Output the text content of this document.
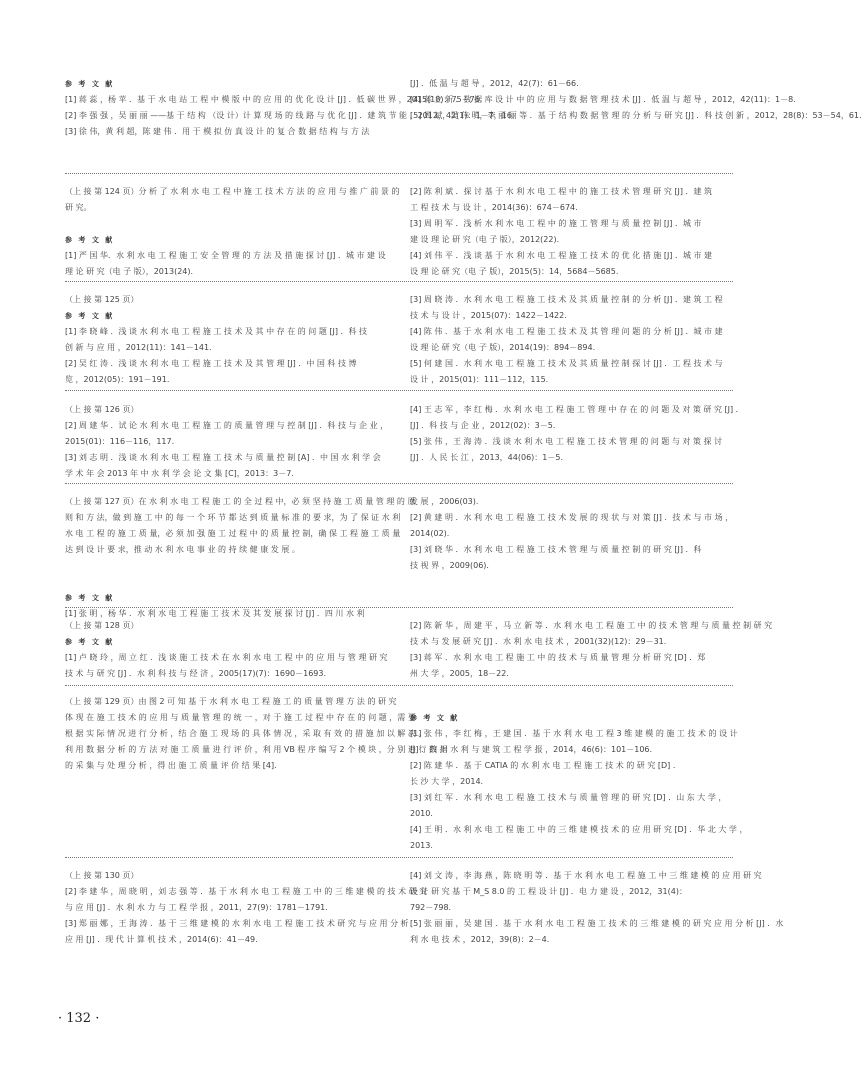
参 考 文 献
[1] 蒋 蕊 ，杨 苹 ．基 于 水 电 站 工 程 中 模 版 中 的 应 用 的 优 化 设 计 [J] ．低 碳 世 界 ，2015(18)：75－76.
[2] 李 强 强 ，吴 丽 丽 ——基 于 结 构 （设 计）计 算 现 场 的 线 路 与 优 化 [J] ．建 筑 节 能 ，2012，42(1)：1－7，16.
[3] 徐 伟，黄 利 超，陈 建 伟 ．用 于 模 拟 仿 真 设 计 的 复 合 数 据 结 构 与 方 法
[J] ．低 温 与 超 导 ，2012，42(7)：61－66.
[4] 蒋 立 新 ．数 据 库 设 计 中 的 应 用 与 数 据 管 理 技 术 [J] ．低 温 与 超 导 ，2012，42(11)：1－8.
[5] 周 斌，吴 伟 明，李 丽 丽 等 ．基 于 结 构 数 据 管 理 的 分 析 与 研 究 [J] ．科 技 创 新 ，2012，28(8)：53－54，61.
（上 接 第 124 页）分 析 了 水 利 水 电 工 程 中 施 工 技 术 方 法 的 应 用 与 推 广 前 景 的
研 究。

参 考 文 献
[1] 严 国 华．水 利 水 电 工 程 施 工 安 全 管 理 的 方 法 及 措 施 探 讨 [J] ．城 市 建 设
理 论 研 究（电 子 版），2013(24).
[2] 陈 利 斌 ．探 讨 基 于 水 利 水 电 工 程 中 的 施 工 技 术 管 理 研 究 [J] ．建 筑
工 程 技 术 与 设 计 ，2014(36)：674－674.
[3] 周 明 军 ．浅 析 水 利 水 电 工 程 中 的 施 工 管 理 与 质 量 控 制 [J] ．城 市
建 设 理 论 研 究（电 子 版），2012(22).
[4] 刘 伟 平 ．浅 谈 基 于 水 利 水 电 工 程 施 工 技 术 的 优 化 措 施 [J] ．城 市 建
设 理 论 研 究（电 子 版），2015(5)：14，5684－5685.
（上 接 第 125 页）
参 考 文 献
[1] 李 晓 峰 ．浅 谈 水 利 水 电 工 程 施 工 技 术 及 其 中 存 在 的 问 题 [J] ．科 技
创 新 与 应 用 ，2012(11)：141－141.
[2] 吴 红 涛 ．浅 谈 水 利 水 电 工 程 施 工 技 术 及 其 管 理 [J] ．中 国 科 技 博
览 ，2012(05)：191－191.
[3] 周 晓 涛 ．水 利 水 电 工 程 施 工 技 术 及 其 质 量 控 制 的 分 析 [J] ．建 筑 工 程
技 术 与 设 计 ，2015(07)：1422－1422.
[4] 陈 伟 ．基 于 水 利 水 电 工 程 施 工 技 术 及 其 管 理 问 题 的 分 析 [J] ．城 市 建
设 理 论 研 究（电 子 版），2014(19)：894－894.
[5] 何 建 国 ．水 利 水 电 工 程 施 工 技 术 及 其 质 量 控 制 探 讨 [J] ．工 程 技 术 与
设 计 ，2015(01)：111－112，115.
（上 接 第 126 页）
[2] 周 建 华 ．试 论 水 利 水 电 工 程 施 工 的 质 量 管 理 与 控 制 [J] ．科 技 与 企 业 ，
2015(01)：116－116，117.
[3] 刘 志 明 ．浅 谈 水 利 水 电 工 程 施 工 技 术 与 质 量 控 制 [A] ．中 国 水 利 学 会
学 术 年 会 2013 年 中 水 利 学 会 论 文 集 [C]，2013：3－7.
[4] 王 志 军 ，李 红 梅 ．水 利 水 电 工 程 施 工 管 理 中 存 在 的 问 题 及 对 策 研 究 [J] ．
[J] ．科 技 与 企 业 ，2012(02)：3－5.
[5] 张 伟 ，王 海 涛 ．浅 谈 水 利 水 电 工 程 施 工 技 术 管 理 的 问 题 与 对 策 探 讨
[J] ．人 民 长 江 ，2013，44(06)：1－5.
（上 接 第 127 页）在 水 利 水 电 工 程 施 工 的 全 过 程 中，必 须 坚 持 施 工 质 量 管 理 的 原
则 和 方 法，做 到 施 工 中 的 每 一 个 环 节 都 达 到 质 量 标 准 的 要 求，为 了 保 证 水 利
水 电 工 程 的 施 工 质 量，必 须 加 强 施 工 过 程 中 的 质 量 控 制，确 保 工 程 施 工 质 量
达 到 设 计 要 求，推 动 水 利 水 电 事 业 的 持 续 健 康 发 展 。

参 考 文 献
[1] 张 明 ，杨 华 ．水 利 水 电 工 程 施 工 技 术 及 其 发 展 探 讨 [J] ．四 川 水 利
发 展 ，2006(03).
[2] 黄 建 明 ．水 利 水 电 工 程 施 工 技 术 发 展 的 现 状 与 对 策 [J] ．技 术 与 市 场 ，
2014(02).
[3] 刘 晓 华 ．水 利 水 电 工 程 施 工 技 术 管 理 与 质 量 控 制 的 研 究 [J] ．科
技 视 界 ，2009(06).
（上 接 第 128 页）
参 考 文 献
[1] 卢 晓 玲 ，周 立 红 ．浅 谈 施 工 技 术 在 水 利 水 电 工 程 中 的 应 用 与 管 理 研 究
技 术 与 研 究 [J] ．水 利 科 技 与 经 济 ，2005(17)(7)：1690－1693.
[2] 陈 新 华 ，周 建 平 ，马 立 新 等 ．水 利 水 电 工 程 施 工 中 的 技 术 管 理 与 质 量 控 制 研 究
技 术 与 发 展 研 究 [J] ．水 利 水 电 技 术 ，2001(32)(12)：29－31.
[3] 蒋 军 ．水 利 水 电 工 程 施 工 中 的 技 术 与 质 量 管 理 分 析 研 究 [D] ．郑
州 大 学 ，2005，18－22.
（上 接 第 129 页）由 图 2 可 知 基 于 水 利 水 电 工 程 施 工 的 质 量 管 理 方 法 的 研 究
体 现 在 施 工 技 术 的 应 用 与 质 量 管 理 的 统 一 ，对 于 施 工 过 程 中 存 在 的 问 题 ，需 要
根 据 实 际 情 况 进 行 分 析 ，结 合 施 工 现 场 的 具 体 情 况 ，采 取 有 效 的 措 施 加 以 解 决 。
利 用 数 据 分 析 的 方 法 对 施 工 质 量 进 行 评 价 ，利 用 VB 程 序 编 写 2 个 模 块 ，分 别 进 行 数 据
的 采 集 与 处 理 分 析 ，得 出 施 工 质 量 评 价 结 果 [4].
参 考 文 献
[1] 张 伟 ，李 红 梅 ，王 建 国 ．基 于 水 利 水 电 工 程 3 维 建 模 的 施 工 技 术 的 设 计
[J] ．四 川 水 利 与 建 筑 工 程 学 报 ，2014，46(6)：101－106.
[2] 陈 建 华 ．基 于 CATIA 的 水 利 水 电 工 程 施 工 技 术 的 研 究 [D] ．
长 沙 大 学 ，2014.
[3] 刘 红 军 ．水 利 水 电 工 程 施 工 技 术 与 质 量 管 理 的 研 究 [D] ．山 东 大 学 ，
2010.
[4] 王 明 ．水 利 水 电 工 程 施 工 中 的 三 维 建 模 技 术 的 应 用 研 究 [D] ．华 北 大 学 ，
2013.
（上 接 第 130 页）
[2] 李 建 华 ，周 晓 明 ，刘 志 强 等 ．基 于 水 利 水 电 工 程 施 工 中 的 三 维 建 模 的 技 术 研 究
与 应 用 [J] ．水 利 水 力 与 工 程 学 报 ，2011，27(9)：1781－1791.
[3] 郑 丽 娜 ，王 海 涛 ．基 于 三 维 建 模 的 水 利 水 电 工 程 施 工 技 术 研 究 与 应 用 分 析
应 用 [J] ．现 代 计 算 机 技 术 ，2014(6)：41－49.
[4] 刘 文 涛 ，李 海 燕 ，陈 晓 明 等 ．基 于 水 利 水 电 工 程 施 工 中 三 维 建 模 的 应 用 研 究
设 计 研 究 基 于 M_S 8.0 的 工 程 设 计 [J] ．电 力 建 设 ，2012，31(4)：
792－798.
[5] 张 丽 丽 ，吴 建 国 ．基 于 水 利 水 电 工 程 施 工 技 术 的 三 维 建 模 的 研 究 应 用 分 析 [J] ．水
利 水 电 技 术 ，2012，39(8)：2－4.
· 132 ·
